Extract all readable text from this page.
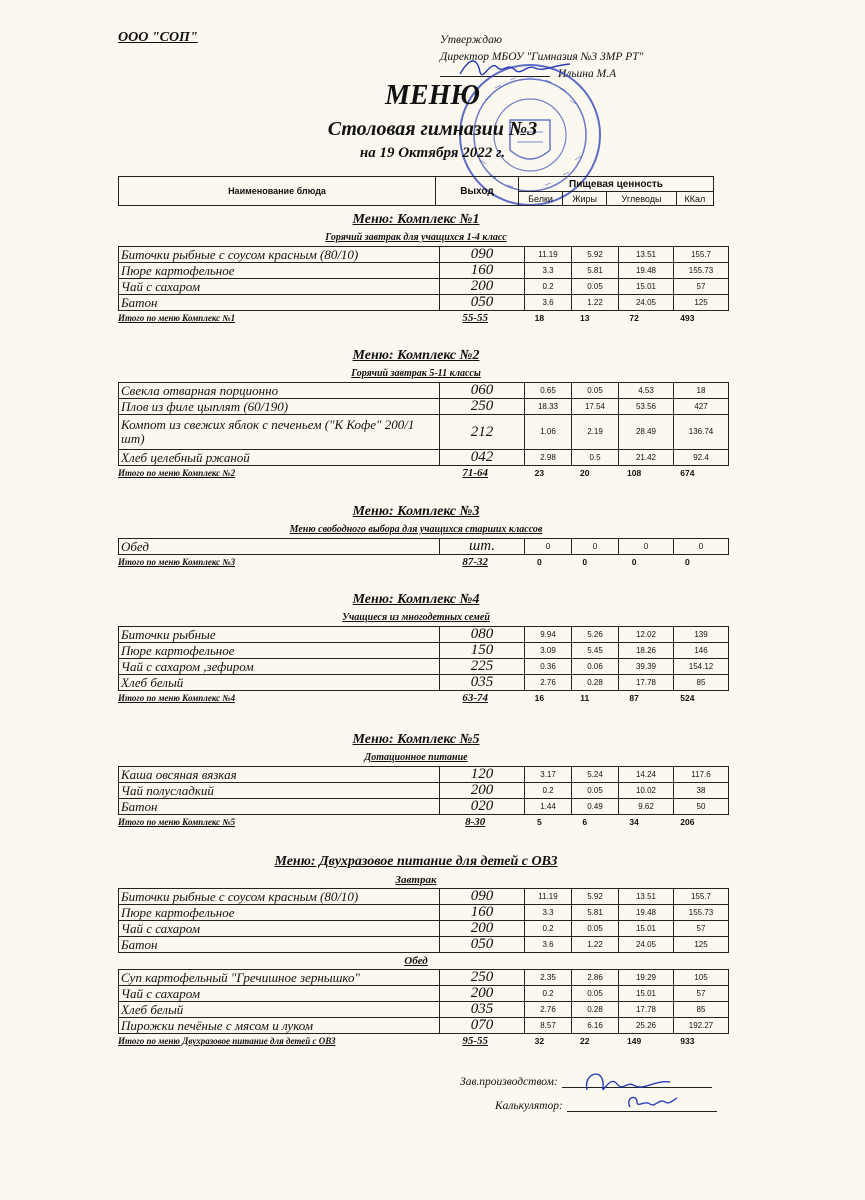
ООО "СОП"	Утверждаю
Директор МБОУ "Гимназия №3 ЗМР РТ"
Ильина М.А
МЕНЮ
Столовая гимназии №3
на 19 Октября 2022 г.
Наименование блюда	Выход	Пищевая ценность			
		Белки	Жиры	Углеводы	ККал
Меню: Комплекс №1
Горячий завтрак для учащихся 1-4 класс
Биточки рыбные с соусом красным (80/10)	090	11.19	5.92	13.51	155.7
Пюре картофельное	160	3.3	5.81	19.48	155.73
Чай с сахаром	200	0.2	0.05	15.01	57
Батон	050	3.6	1.22	24.05	125
Итого по меню Комплекс №1	55-55	18	13	72	493
Меню: Комплекс №2
Горячий завтрак 5-11 классы
Свекла отварная порционно	060	0.65	0.05	4.53	18
Плов из филе цыплят (60/190)	250	18.33	17.54	53.56	427
Компот из свежих яблок с печеньем ("К Кофе" 200/1 шт)	212	1.06	2.19	28.49	136.74
Хлеб целебный ржаной	042	2.98	0.5	21.42	92.4
Итого по меню Комплекс №2	71-64	23	20	108	674
Меню: Комплекс №3
Меню свободного выбора для учащихся старших классов
Обед	шт.	0	0	0	0
Итого по меню Комплекс №3	87-32	0	0	0	0
Меню: Комплекс №4
Учащиеся из многодетных семей
Биточки рыбные	080	9.94	5.26	12.02	139
Пюре картофельное	150	3.09	5.45	18.26	146
Чай с сахаром ,зефиром	225	0.36	0.06	39.39	154.12
Хлеб белый	035	2.76	0.28	17.78	85
Итого по меню Комплекс №4	63-74	16	11	87	524
Меню: Комплекс №5
Дотационное питание
Каша овсяная вязкая	120	3.17	5.24	14.24	117.6
Чай полусладкий	200	0.2	0.05	10.02	38
Батон	020	1.44	0.49	9.62	50
Итого по меню Комплекс №5	8-30	5	6	34	206
Меню: Двухразовое питание для детей с ОВЗ
Завтрак
Биточки рыбные с соусом красным (80/10)	090	11.19	5.92	13.51	155.7
Пюре картофельное	160	3.3	5.81	19.48	155.73
Чай с сахаром	200	0.2	0.05	15.01	57
Батон	050	3.6	1.22	24.05	125
Обед
Суп картофельный "Гречишное зернышко"	250	2.35	2.86	19.29	105
Чай с сахаром	200	0.2	0.05	15.01	57
Хлеб белый	035	2.76	0.28	17.78	85
Пирожки печёные с мясом и луком	070	8.57	6.16	25.26	192.27
Итого по меню Двухразовое питание для детей с ОВЗ	95-55	32	22	149	933
Зав.производством:
Калькулятор:
